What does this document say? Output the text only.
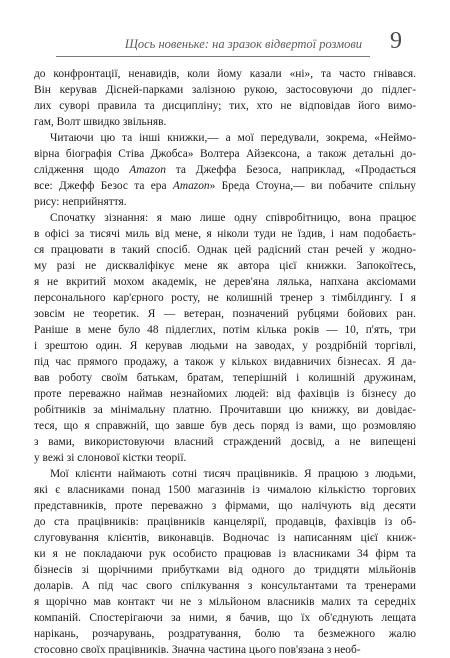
Щось новеньке: на зразок відвертої розмови 9

до конфронтації, ненавидів, коли йому казали «ні», та часто гнівався.
Він керував Дісней-парками залізною рукою, застосовуючи до підлег-
лих суворі правила та дисципліну; тих, хто не відповідав його вимо-
гам, Волт швидко звільняв.

Читаючи цю та інші книжки,— а мої передували, зокрема, «Неймо-
вірна біографія Стіва Джобса» Волтера Айзексона, а також детальні до-
слідження щодо Amazon та Джеффа Безоса, наприклад, «Продається
все: Джефф Безос та ера Amazon» Бреда Стоуна,— ви побачите спільну
рису: неприйняття.

Спочатку зізнання: я маю лише одну співробітницю, вона працює
в офісі за тисячі миль від мене, я ніколи туди не їздив, і нам подобаєть-
ся працювати в такий спосіб. Однак цей радісний стан речей у жодно-
му разі не дискваліфікує мене як автора цієї книжки. Запокоїтесь,
я не вкритий мохом академік, не дерев'яна лялька, напхана аксіомами
персонального кар'єрного росту, не колишній тренер з тімбілдингу. І я
зовсім не теоретик. Я — ветеран, позначений рубцями бойових ран.
Раніше в мене було 48 підлеглих, потім кілька років — 10, п'ять, три
і зрештою один. Я керував людьми на заводах, у роздрібній торгівлі,
під час прямого продажу, а також у кількох видавничих бізнесах. Я да-
вав роботу своїм батькам, братам, теперішній і колишній дружинам,
проте переважно наймав незнайомих людей: від фахівців із бізнесу до
робітників за мінімальну платню. Прочитавши цю книжку, ви довідає-
теся, що я справжній, що завше був десь поряд із вами, що розмовляю
з вами, використовуючи власний страждений досвід, а не випещені
у вежі зі слонової кістки теорії.

Мої клієнти наймають сотні тисяч працівників. Я працюю з людьми,
які є власниками понад 1500 магазинів із чималою кількістю торгових
представників, проте переважно з фірмами, що налічують від десяти
до ста працівників: працівників канцелярії, продавців, фахівців із об-
слуговування клієнтів, виконавців. Водночас із написанням цієї книж-
ки я не покладаючи рук особисто працював із власниками 34 фірм та
бізнесів зі щорічними прибутками від одного до тридцяти мільйонів
доларів. А під час свого спілкування з консультантами та тренерами
я щорічно мав контакт чи не з мільйоном власників малих та середніх
компаній. Спостерігаючи за ними, я бачив, що їх об'єднують лещата
нарікань, розчарувань, роздратування, болю та безмежного жалю
стосовно своїх працівників. Значна частина цього пов'язана з необ-
